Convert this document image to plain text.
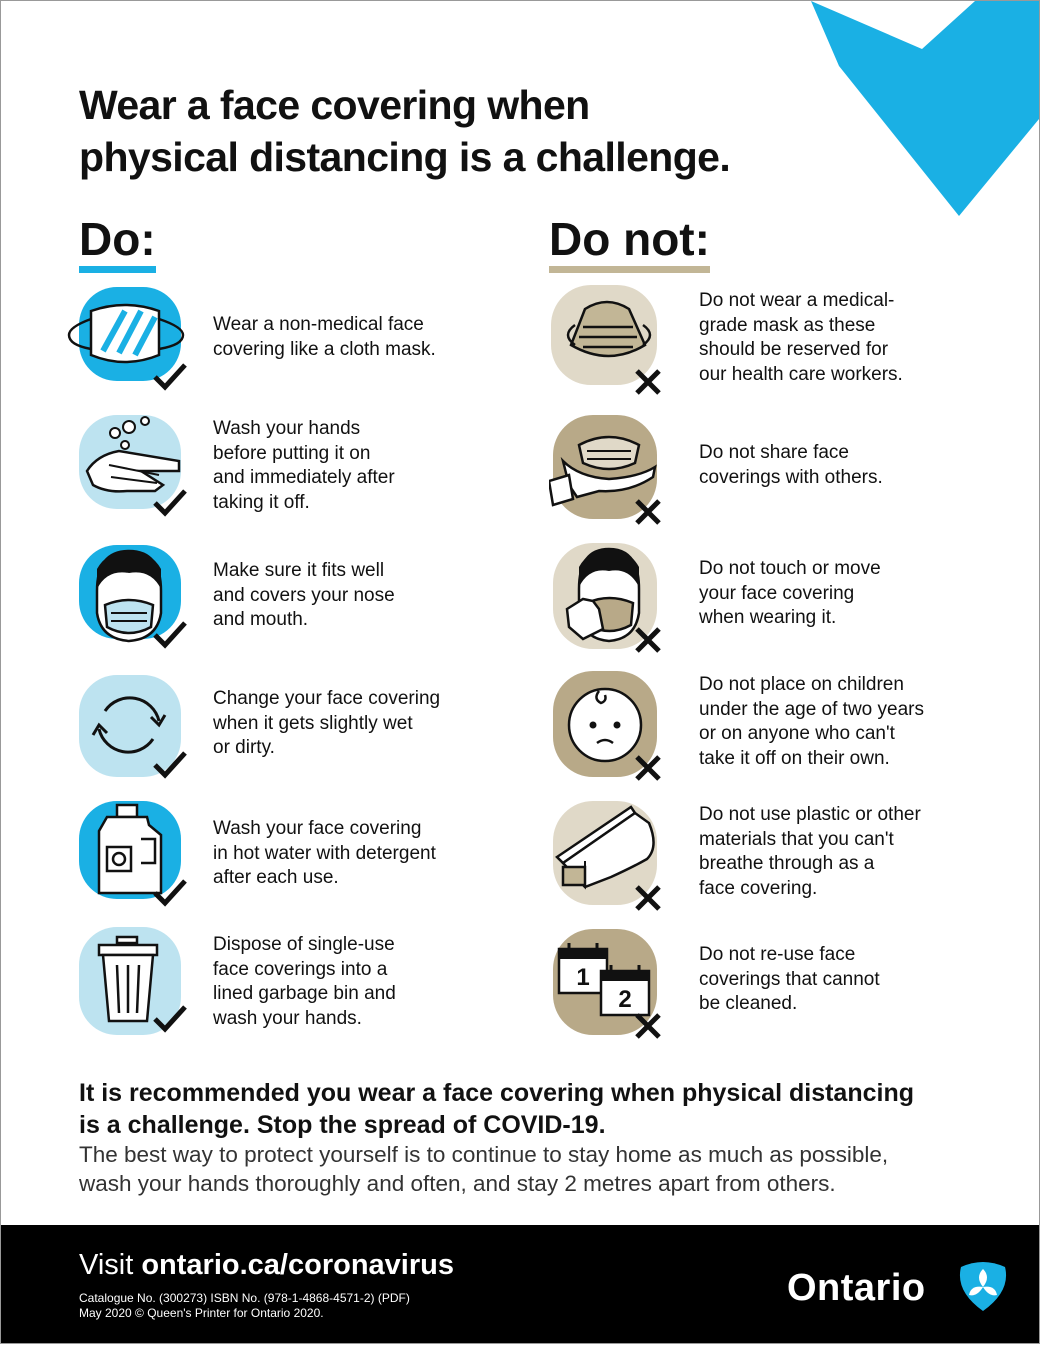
Wear a face covering when
physical distancing is a challenge.
Do:	Do not:
Wear a non-medical face
covering like a cloth mask.
Wash your hands
before putting it on
and immediately after
taking it off.
Make sure it fits well
and covers your nose
and mouth.
Change your face covering
when it gets slightly wet
or dirty.
Wash your face covering
in hot water with detergent
after each use.
Dispose of single-use
face coverings into a
lined garbage bin and
wash your hands.
Do not wear a medical-
grade mask as these
should be reserved for
our health care workers.
Do not share face
coverings with others.
Do not touch or move
your face covering
when wearing it.
Do not place on children
under the age of two years
or on anyone who can't
take it off on their own.
Do not use plastic or other
materials that you can't
breathe through as a
face covering.
1
2
Do not re-use face
coverings that cannot
be cleaned.

It is recommended you wear a face covering when physical distancing
is a challenge. Stop the spread of COVID-19.

The best way to protect yourself is to continue to stay home as much as possible,
wash your hands thoroughly and often, and stay 2 metres apart from others.

Visit ontario.ca/coronavirus
Catalogue No. (300273) ISBN No. (978-1-4868-4571-2) (PDF)
May 2020 © Queen's Printer for Ontario 2020.
Ontario
